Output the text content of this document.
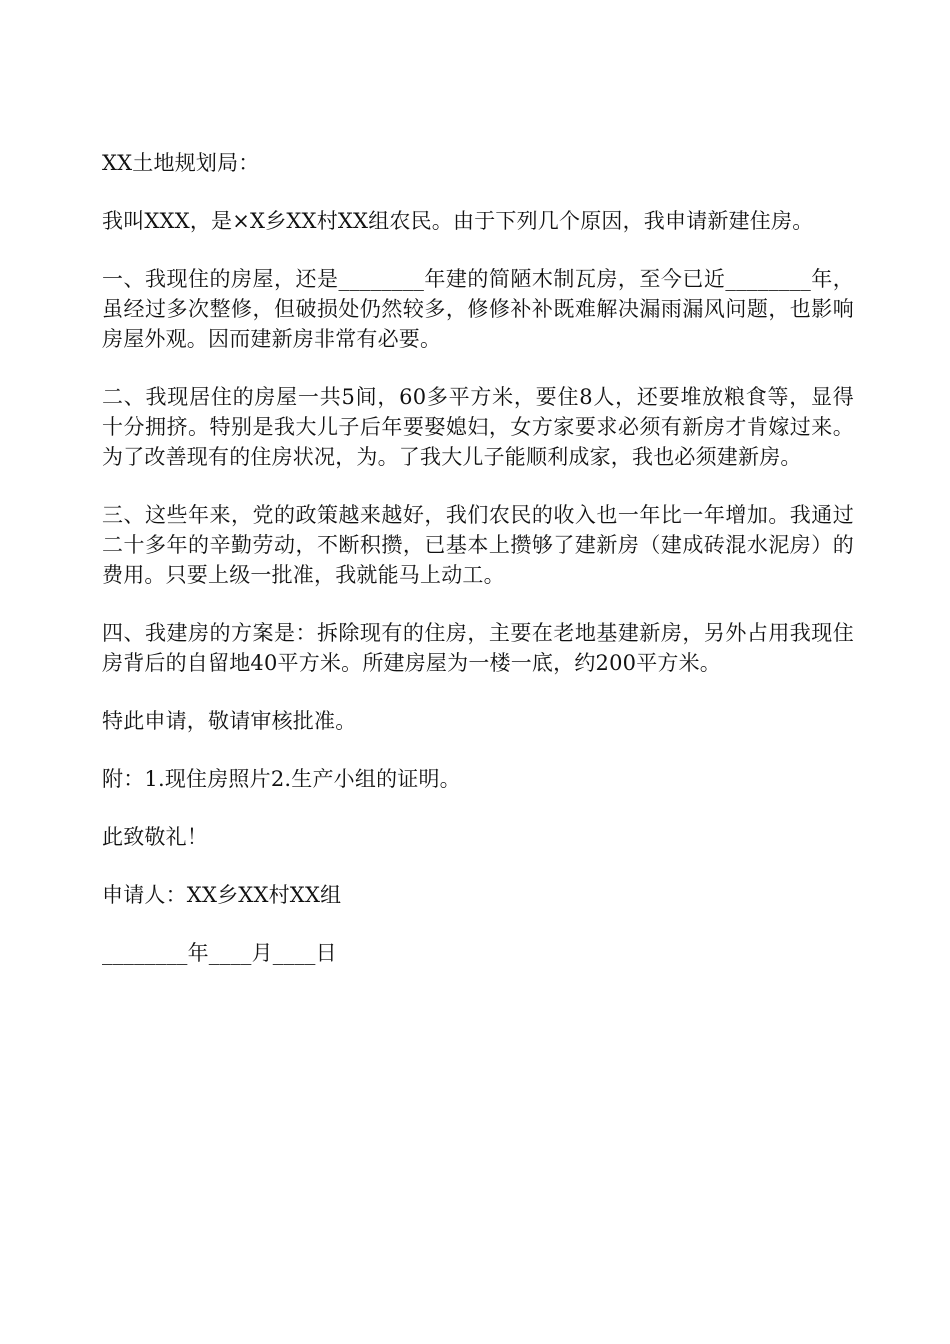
XX土地规划局：

我叫XXX，是×X乡XX村XX组农民。由于下列几个原因，我申请新建住房。

一、我现住的房屋，还是________年建的简陋木制瓦房，至今已近________年，虽经过多次整修，但破损处仍然较多，修修补补既难解决漏雨漏风问题，也影响房屋外观。因而建新房非常有必要。

二、我现居住的房屋一共5间，60多平方米，要住8人，还要堆放粮食等，显得十分拥挤。特别是我大儿子后年要娶媳妇，女方家要求必须有新房才肯嫁过来。为了改善现有的住房状况，为。了我大儿子能顺利成家，我也必须建新房。

三、这些年来，党的政策越来越好，我们农民的收入也一年比一年增加。我通过二十多年的辛勤劳动，不断积攒，已基本上攒够了建新房（建成砖混水泥房）的费用。只要上级一批准，我就能马上动工。

四、我建房的方案是：拆除现有的住房，主要在老地基建新房，另外占用我现住房背后的自留地40平方米。所建房屋为一楼一底，约200平方米。

特此申请，敬请审核批准。

附：1.现住房照片2.生产小组的证明。

此致敬礼！

申请人：XX乡XX村XX组

________年____月____日
